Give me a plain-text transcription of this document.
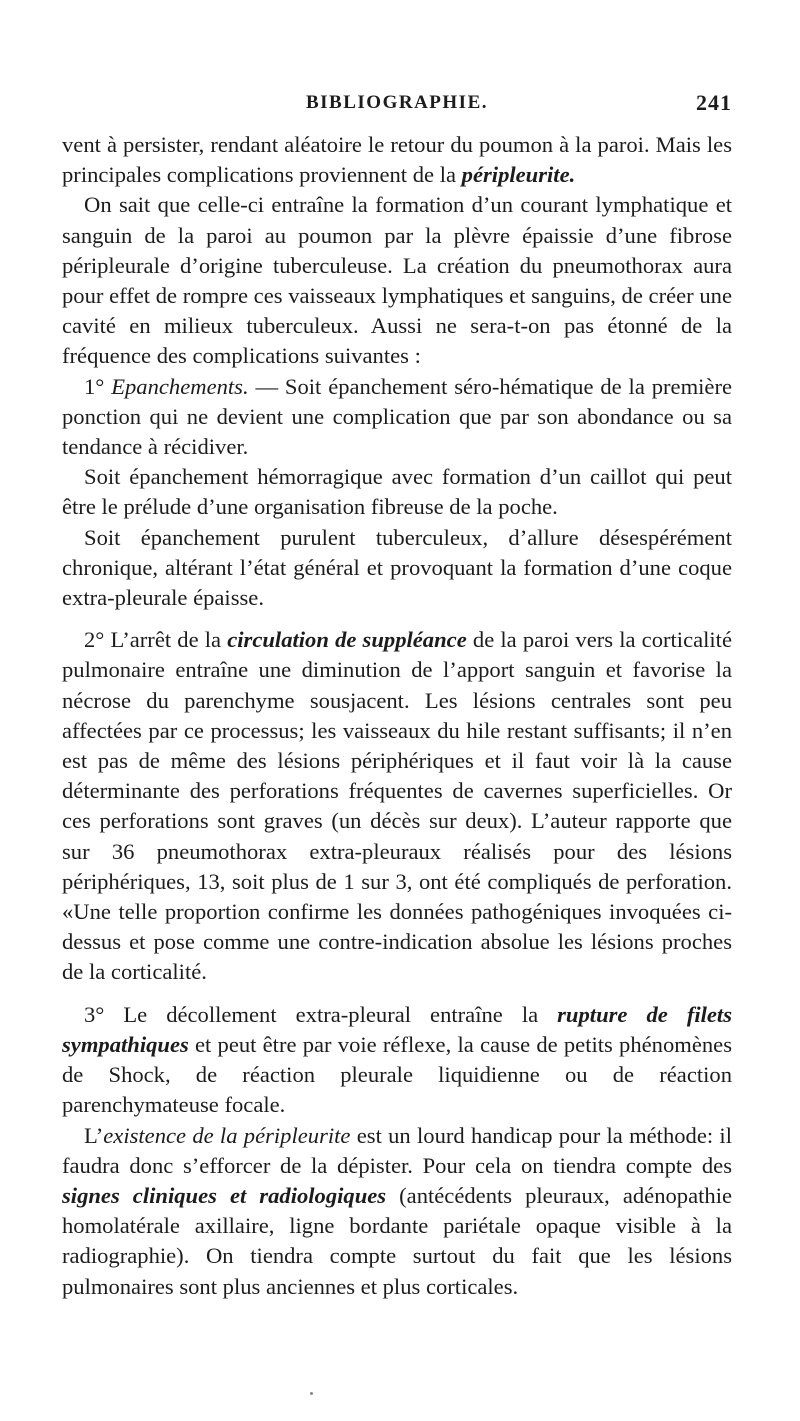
BIBLIOGRAPHIE.	241

vent à persister, rendant aléatoire le retour du poumon à la paroi. Mais les principales complications proviennent de la péripleurite.

On sait que celle-ci entraîne la formation d’un courant lymphatique et sanguin de la paroi au poumon par la plèvre épaissie d’une fibrose péripleurale d’origine tuberculeuse. La création du pneumothorax aura pour effet de rompre ces vaisseaux lymphatiques et sanguins, de créer une cavité en milieux tuberculeux. Aussi ne sera-t-on pas étonné de la fréquence des complications suivantes :

1° Epanchements. — Soit épanchement séro-hématique de la première ponction qui ne devient une complication que par son abondance ou sa tendance à récidiver.

Soit épanchement hémorragique avec formation d’un caillot qui peut être le prélude d’une organisation fibreuse de la poche.

Soit épanchement purulent tuberculeux, d’allure désespérément chronique, altérant l’état général et provoquant la formation d’une coque extra-pleurale épaisse.

2° L’arrêt de la circulation de suppléance de la paroi vers la corticalité pulmonaire entraîne une diminution de l’apport sanguin et favorise la nécrose du parenchyme sousjacent. Les lésions centrales sont peu affectées par ce processus; les vaisseaux du hile restant suffisants; il n’en est pas de même des lésions périphériques et il faut voir là la cause déterminante des perforations fréquentes de cavernes superficielles. Or ces perforations sont graves (un décès sur deux). L’auteur rapporte que sur 36 pneumothorax extra-pleuraux réalisés pour des lésions périphériques, 13, soit plus de 1 sur 3, ont été compliqués de perforation. «Une telle proportion confirme les données pathogéniques invoquées ci-dessus et pose comme une contre-indication absolue les lésions proches de la corticalité.

3° Le décollement extra-pleural entraîne la rupture de filets sympathiques et peut être par voie réflexe, la cause de petits phénomènes de Shock, de réaction pleurale liquidienne ou de réaction parenchymateuse focale.

L’existence de la péripleurite est un lourd handicap pour la méthode: il faudra donc s’efforcer de la dépister. Pour cela on tiendra compte des signes cliniques et radiologiques (antécédents pleuraux, adénopathie homolatérale axillaire, ligne bordante pariétale opaque visible à la radiographie). On tiendra compte surtout du fait que les lésions pulmonaires sont plus anciennes et plus corticales.
